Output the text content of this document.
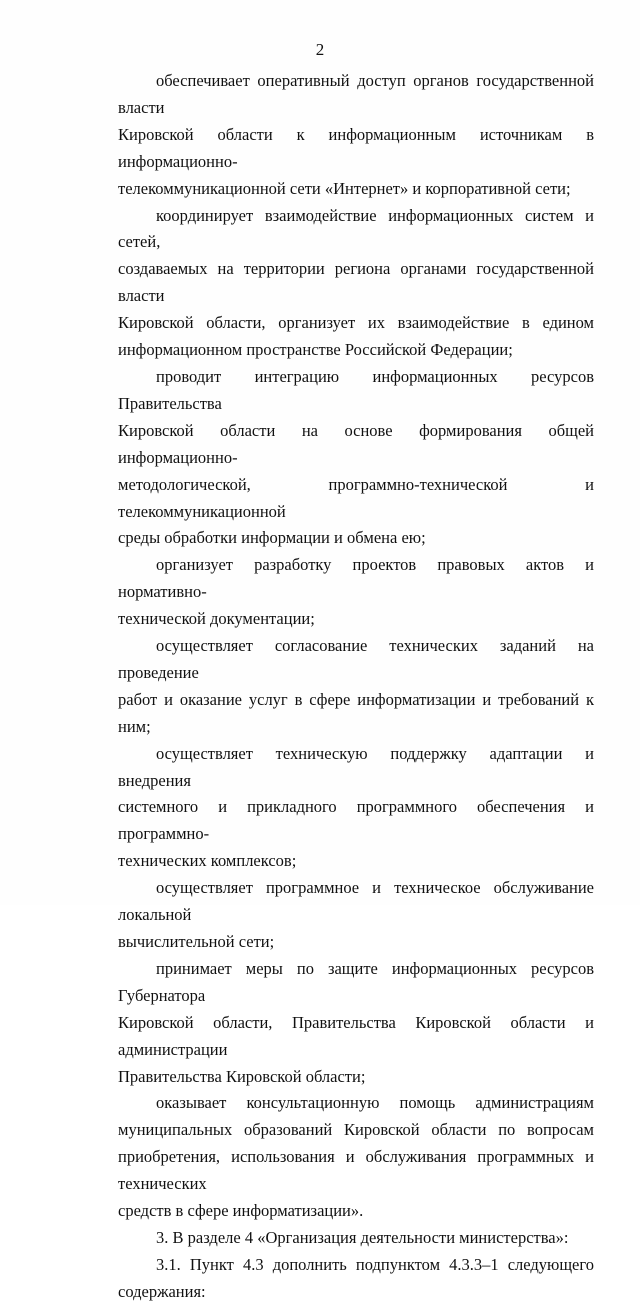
2
обеспечивает оперативный доступ органов государственной власти
Кировской области к информационным источникам в информационно-
телекоммуникационной сети «Интернет» и корпоративной сети;
координирует взаимодействие информационных систем и сетей,
создаваемых на территории региона органами государственной власти
Кировской области, организует их взаимодействие в едином
информационном пространстве Российской Федерации;
проводит интеграцию информационных ресурсов Правительства
Кировской области на основе формирования общей информационно-
методологической, программно-технической и телекоммуникационной
среды обработки информации и обмена ею;
организует разработку проектов правовых актов и нормативно-
технической документации;
осуществляет согласование технических заданий на проведение
работ и оказание услуг в сфере информатизации и требований к ним;
осуществляет техническую поддержку адаптации и внедрения
системного и прикладного программного обеспечения и программно-
технических комплексов;
осуществляет программное и техническое обслуживание локальной
вычислительной сети;
принимает меры по защите информационных ресурсов Губернатора
Кировской области, Правительства Кировской области и администрации
Правительства Кировской области;
оказывает консультационную помощь администрациям
муниципальных образований Кировской области по вопросам
приобретения, использования и обслуживания программных и технических
средств в сфере информатизации».
3. В разделе 4 «Организация деятельности министерства»:
3.1. Пункт 4.3 дополнить подпунктом 4.3.3–1 следующего
содержания:
